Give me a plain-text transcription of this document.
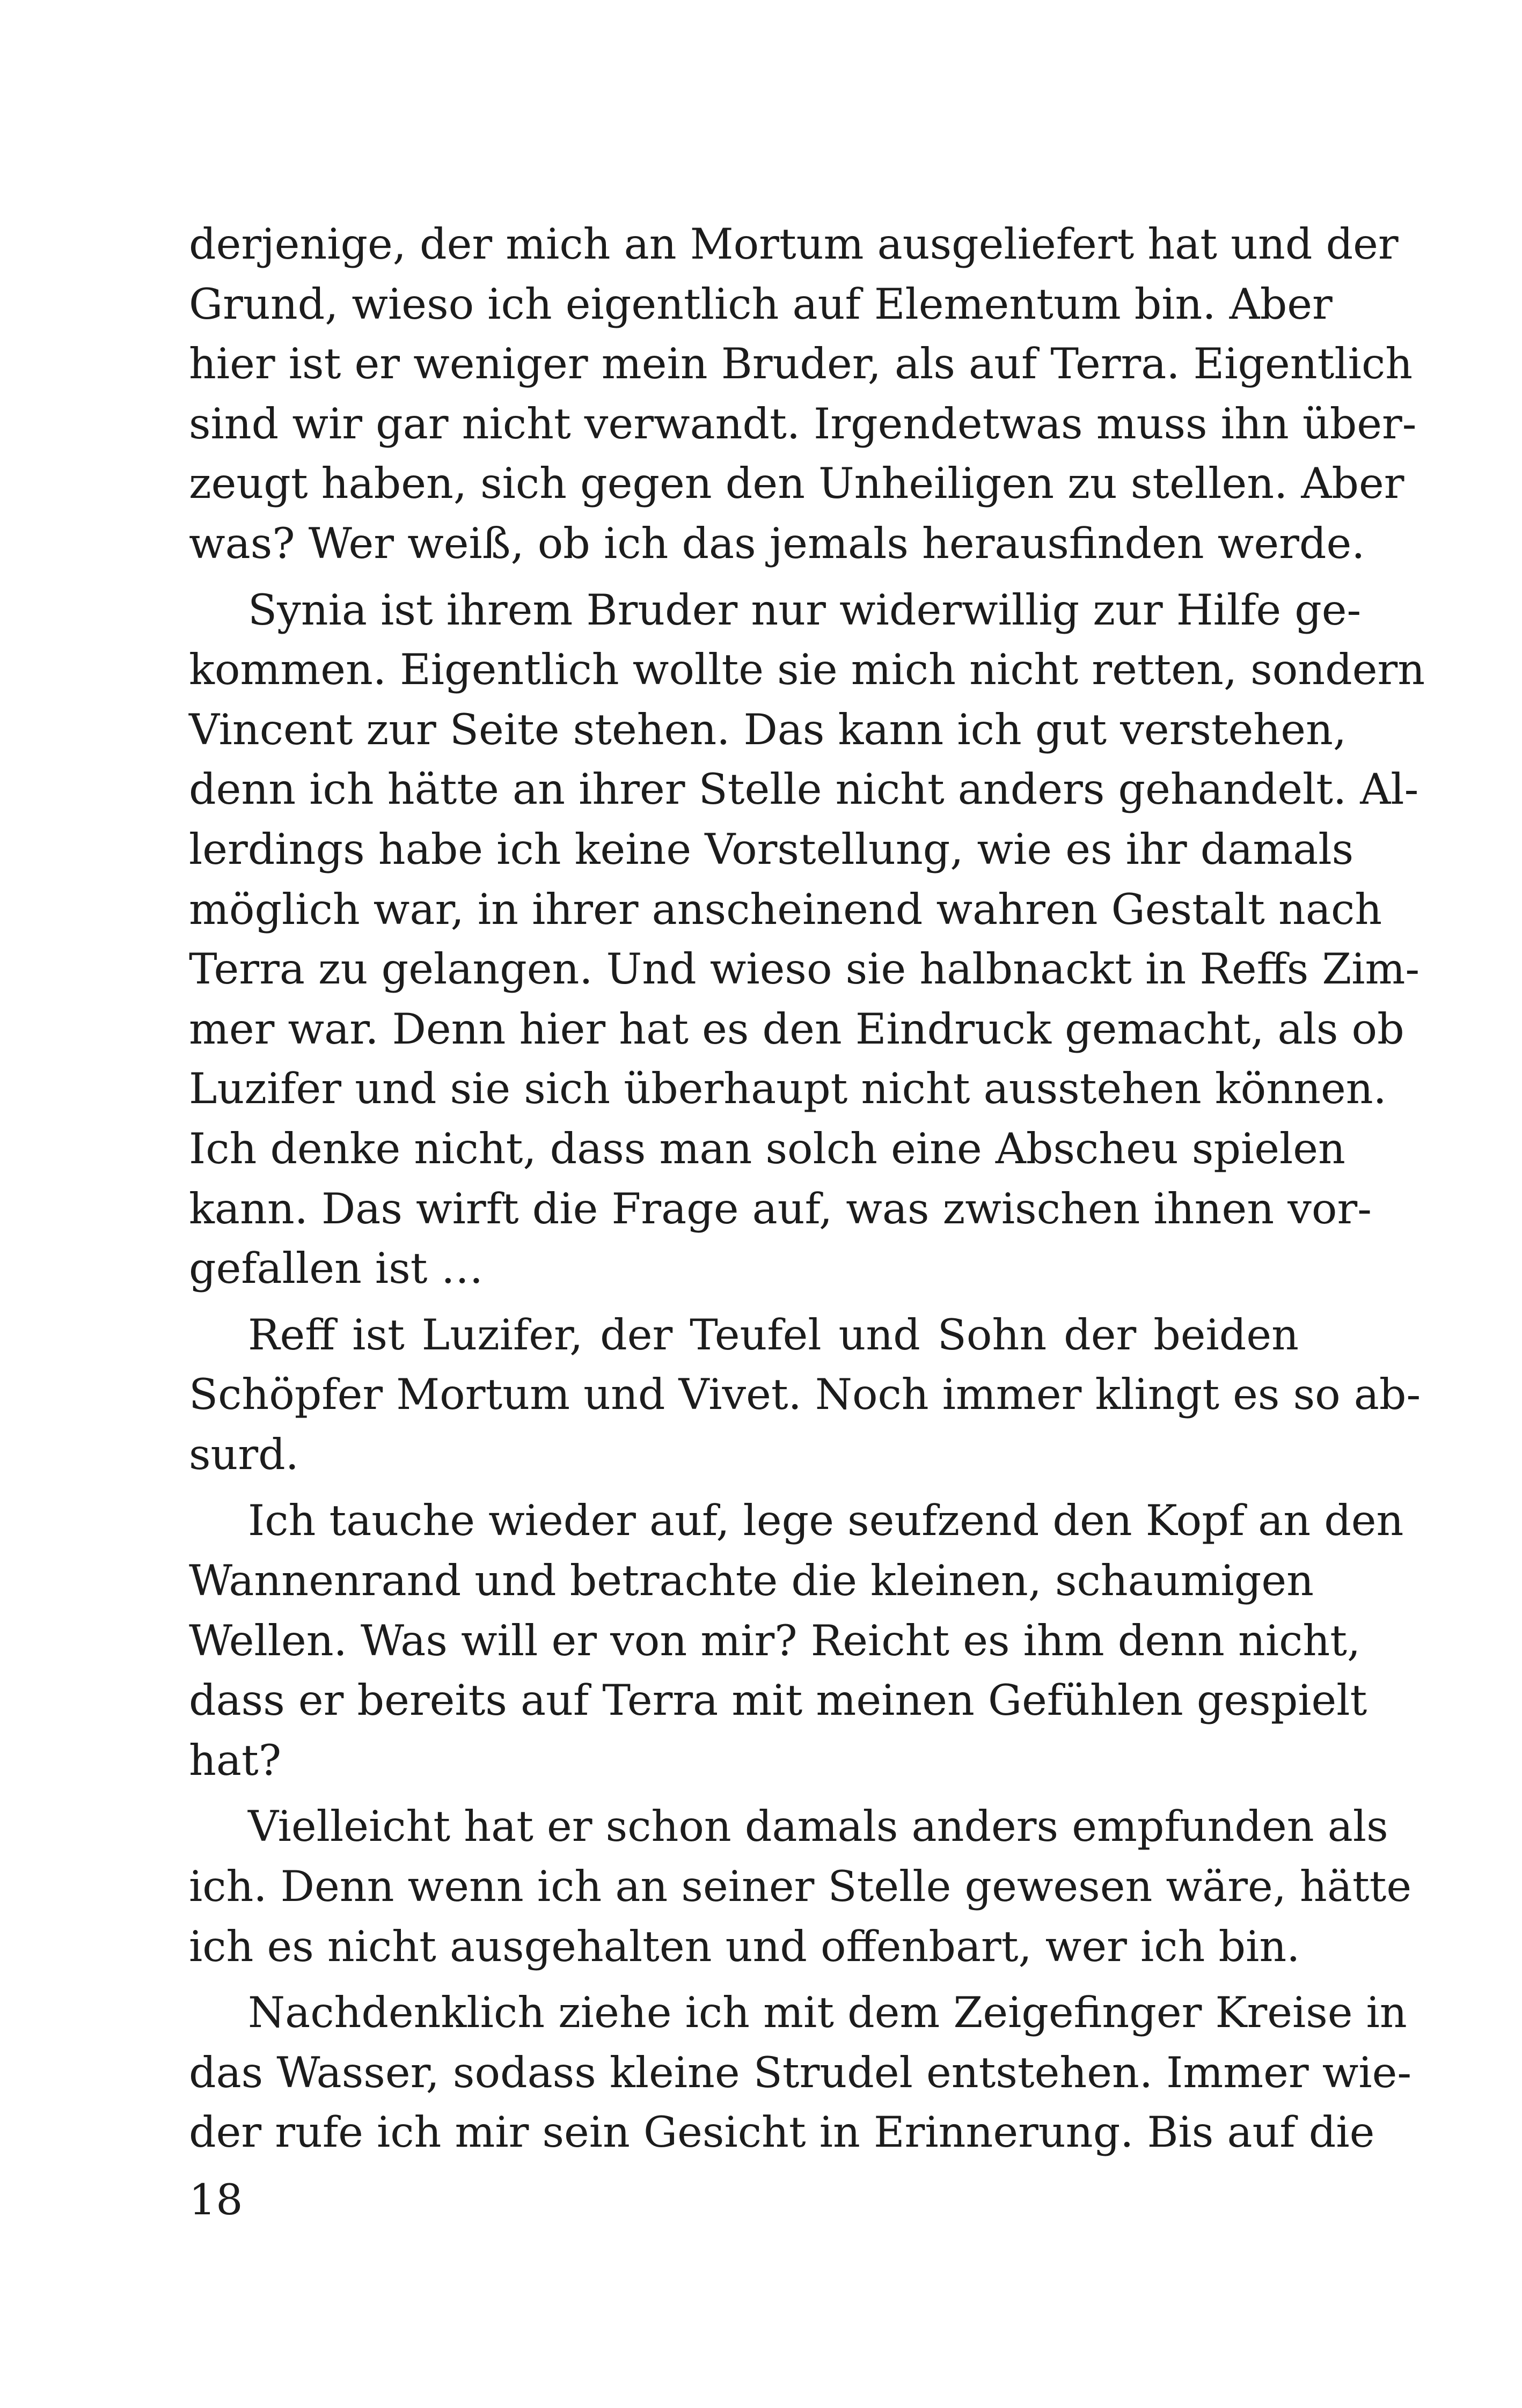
derjenige, der mich an Mortum ausgeliefert hat und der
Grund, wieso ich eigentlich auf Elementum bin. Aber
hier ist er weniger mein Bruder, als auf Terra. Eigentlich
sind wir gar nicht verwandt. Irgendetwas muss ihn über-
zeugt haben, sich gegen den Unheiligen zu stellen. Aber
was? Wer weiß, ob ich das jemals herausfinden werde.
Synia ist ihrem Bruder nur widerwillig zur Hilfe ge-
kommen. Eigentlich wollte sie mich nicht retten, sondern
Vincent zur Seite stehen. Das kann ich gut verstehen,
denn ich hätte an ihrer Stelle nicht anders gehandelt. Al-
lerdings habe ich keine Vorstellung, wie es ihr damals
möglich war, in ihrer anscheinend wahren Gestalt nach
Terra zu gelangen. Und wieso sie halbnackt in Reffs Zim-
mer war. Denn hier hat es den Eindruck gemacht, als ob
Luzifer und sie sich überhaupt nicht ausstehen können.
Ich denke nicht, dass man solch eine Abscheu spielen
kann. Das wirft die Frage auf, was zwischen ihnen vor-
gefallen ist …
Reff ist Luzifer, der Teufel und Sohn der beiden
Schöpfer Mortum und Vivet. Noch immer klingt es so ab-
surd.
Ich tauche wieder auf, lege seufzend den Kopf an den
Wannenrand und betrachte die kleinen, schaumigen
Wellen. Was will er von mir? Reicht es ihm denn nicht,
dass er bereits auf Terra mit meinen Gefühlen gespielt
hat?
Vielleicht hat er schon damals anders empfunden als
ich. Denn wenn ich an seiner Stelle gewesen wäre, hätte
ich es nicht ausgehalten und offenbart, wer ich bin.
Nachdenklich ziehe ich mit dem Zeigefinger Kreise in
das Wasser, sodass kleine Strudel entstehen. Immer wie-
der rufe ich mir sein Gesicht in Erinnerung. Bis auf die
18
